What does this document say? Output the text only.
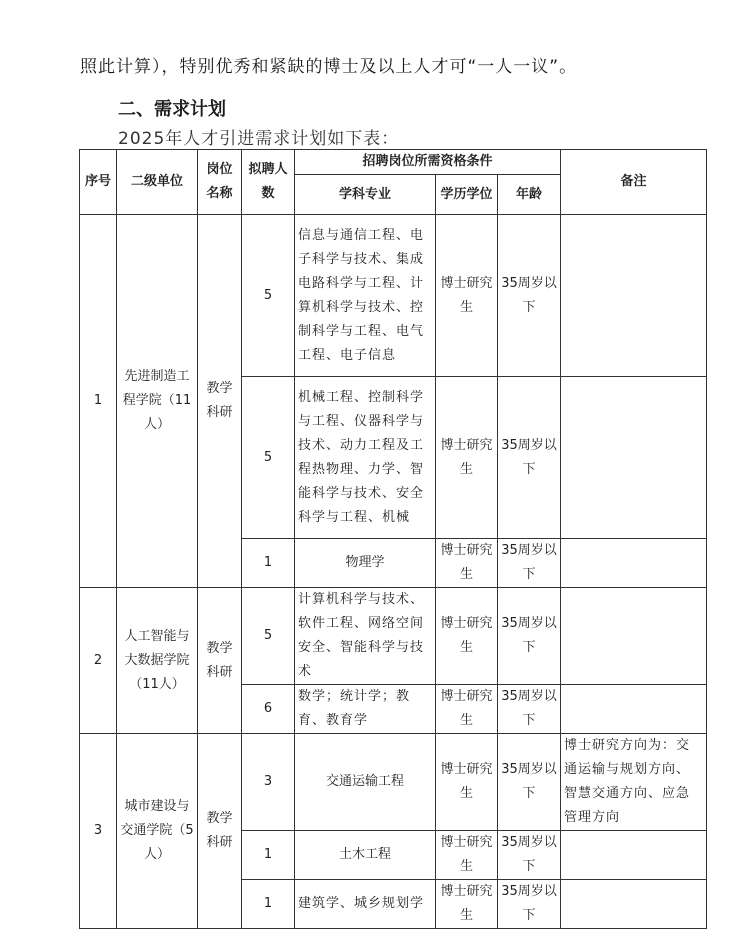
照此计算），特别优秀和紧缺的博士及以上人才可“一人一议”。
二、需求计划
2025年人才引进需求计划如下表：
序号	二级单位	岗位名称	拟聘人数	招聘岗位所需资格条件			备注
				学科专业	学历学位	年龄	
1	先进制造工程学院（11人）	教学科研	5	信息与通信工程、电子科学与技术、集成电路科学与工程、计算机科学与技术、控制科学与工程、电气工程、电子信息	博士研究生	35周岁以下	
			5	机械工程、控制科学与工程、仪器科学与技术、动力工程及工程热物理、力学、智能科学与技术、安全科学与工程、机械	博士研究生	35周岁以下	
			1	物理学	博士研究生	35周岁以下	
2	人工智能与大数据学院（11人）	教学科研	5	计算机科学与技术、软件工程、网络空间安全、智能科学与技术	博士研究生	35周岁以下	
			6	数学；统计学；教育、教育学	博士研究生	35周岁以下	
3	城市建设与交通学院（5人）	教学科研	3	交通运输工程	博士研究生	35周岁以下	博士研究方向为：交通运输与规划方向、智慧交通方向、应急管理方向
			1	土木工程	博士研究生	35周岁以下	
			1	建筑学、城乡规划学	博士研究生	35周岁以下	
